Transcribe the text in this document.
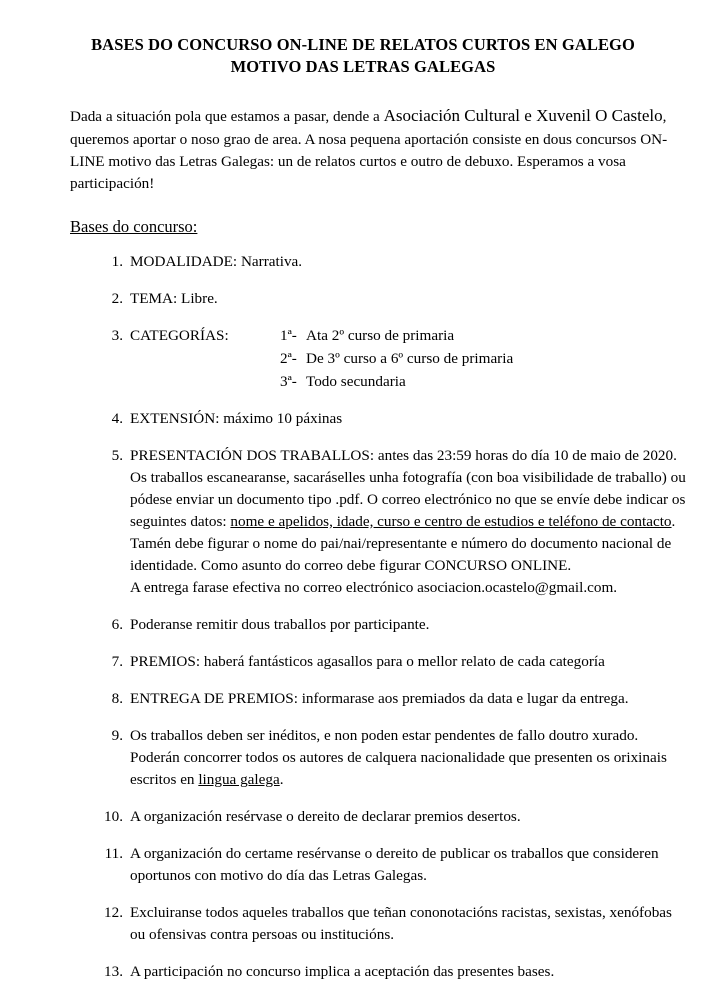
BASES DO CONCURSO ON-LINE DE RELATOS CURTOS EN GALEGO
MOTIVO DAS LETRAS GALEGAS

Dada a situación pola que estamos a pasar, dende a Asociación Cultural e Xuvenil O Castelo, queremos aportar o noso grao de area. A nosa pequena aportación consiste en dous concursos ON-LINE motivo das Letras Galegas: un de relatos curtos e outro de debuxo. Esperamos a vosa participación!

Bases do concurso:
MODALIDADE: Narrativa.
TEMA: Libre.
CATEGORÍAS:	1ª- Ata 2º curso de primaria
2ª- De 3º curso a 6º curso de primaria
3ª- Todo secundaria
EXTENSIÓN: máximo 10 páxinas

PRESENTACIÓN DOS TRABALLOS: antes das 23:59 horas do día 10 de maio de 2020. Os traballos escanearanse, sacaráselles unha fotografía (con boa visibilidade de traballo) ou pódese enviar un documento tipo .pdf. O correo electrónico no que se envíe debe indicar os seguintes datos: nome e apelidos, idade, curso e centro de estudios e teléfono de contacto. Tamén debe figurar o nome do pai/nai/representante e número do documento nacional de identidade. Como asunto do correo debe figurar CONCURSO ONLINE.

A entrega farase efectiva no correo electrónico asociacion.ocastelo@gmail.com.

Poderanse remitir dous traballos por participante.
PREMIOS: haberá fantásticos agasallos para o mellor relato de cada categoría
ENTREGA DE PREMIOS: informarase aos premiados da data e lugar da entrega.
Os traballos deben ser inéditos, e non poden estar pendentes de fallo doutro xurado. Poderán concorrer todos os autores de calquera nacionalidade que presenten os orixinais escritos en lingua galega.
A organización resérvase o dereito de declarar premios desertos.
A organización do certame resérvanse o dereito de publicar os traballos que consideren oportunos con motivo do día das Letras Galegas.
Excluiranse todos aqueles traballos que teñan cononotacións racistas, sexistas, xenófobas ou ofensivas contra persoas ou institucións.
A participación no concurso implica a aceptación das presentes bases.
